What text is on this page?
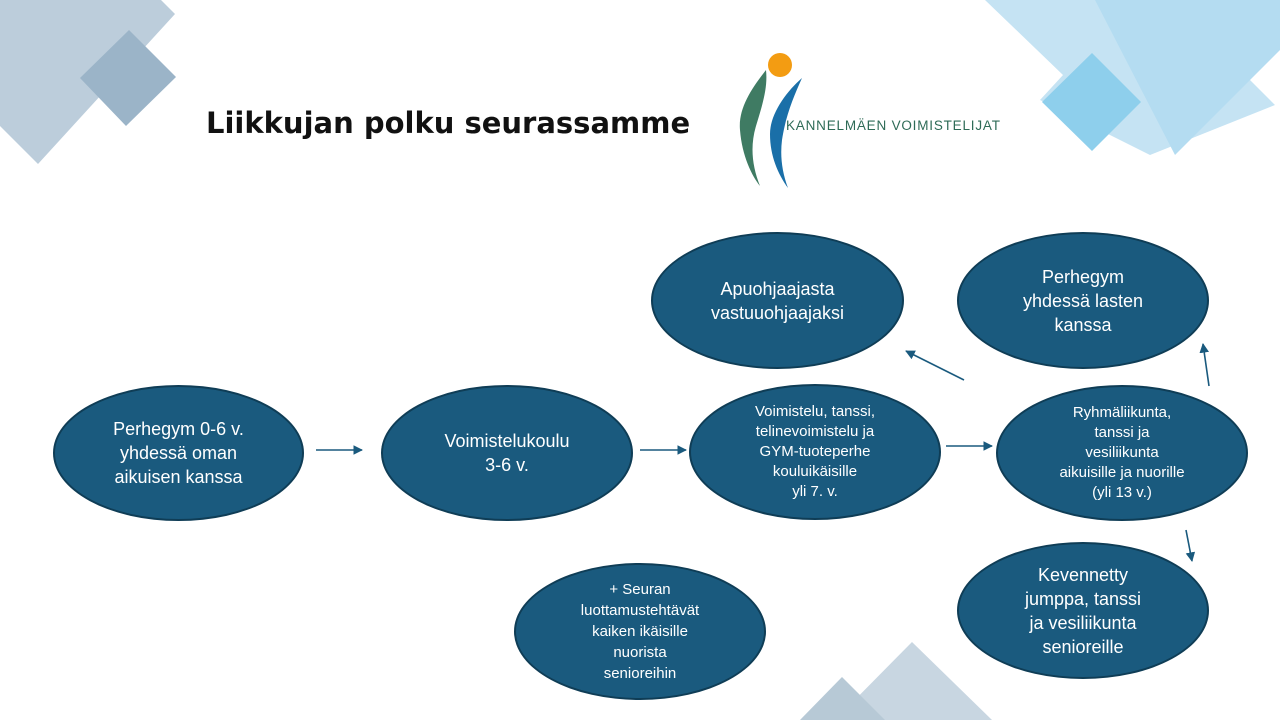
Liikkujan polku seurassamme	KANNELMÄEN VOIMISTELIJAT
Perhegym 0-6 v.
yhdessä oman
aikuisen kanssa
Voimistelukoulu
3-6 v.
Voimistelu, tanssi,
telinevoimistelu ja
GYM-tuoteperhe
kouluikäisille
yli 7. v.
Ryhmäliikunta,
tanssi ja
vesiliikunta
aikuisille ja nuorille
(yli 13 v.)
Apuohjaajasta
vastuuohjaajaksi
Perhegym
yhdessä lasten
kanssa
Kevennetty
jumppa, tanssi
ja vesiliikunta
senioreille
+ Seuran
luottamustehtävät
kaiken ikäisille
nuorista
senioreihin
